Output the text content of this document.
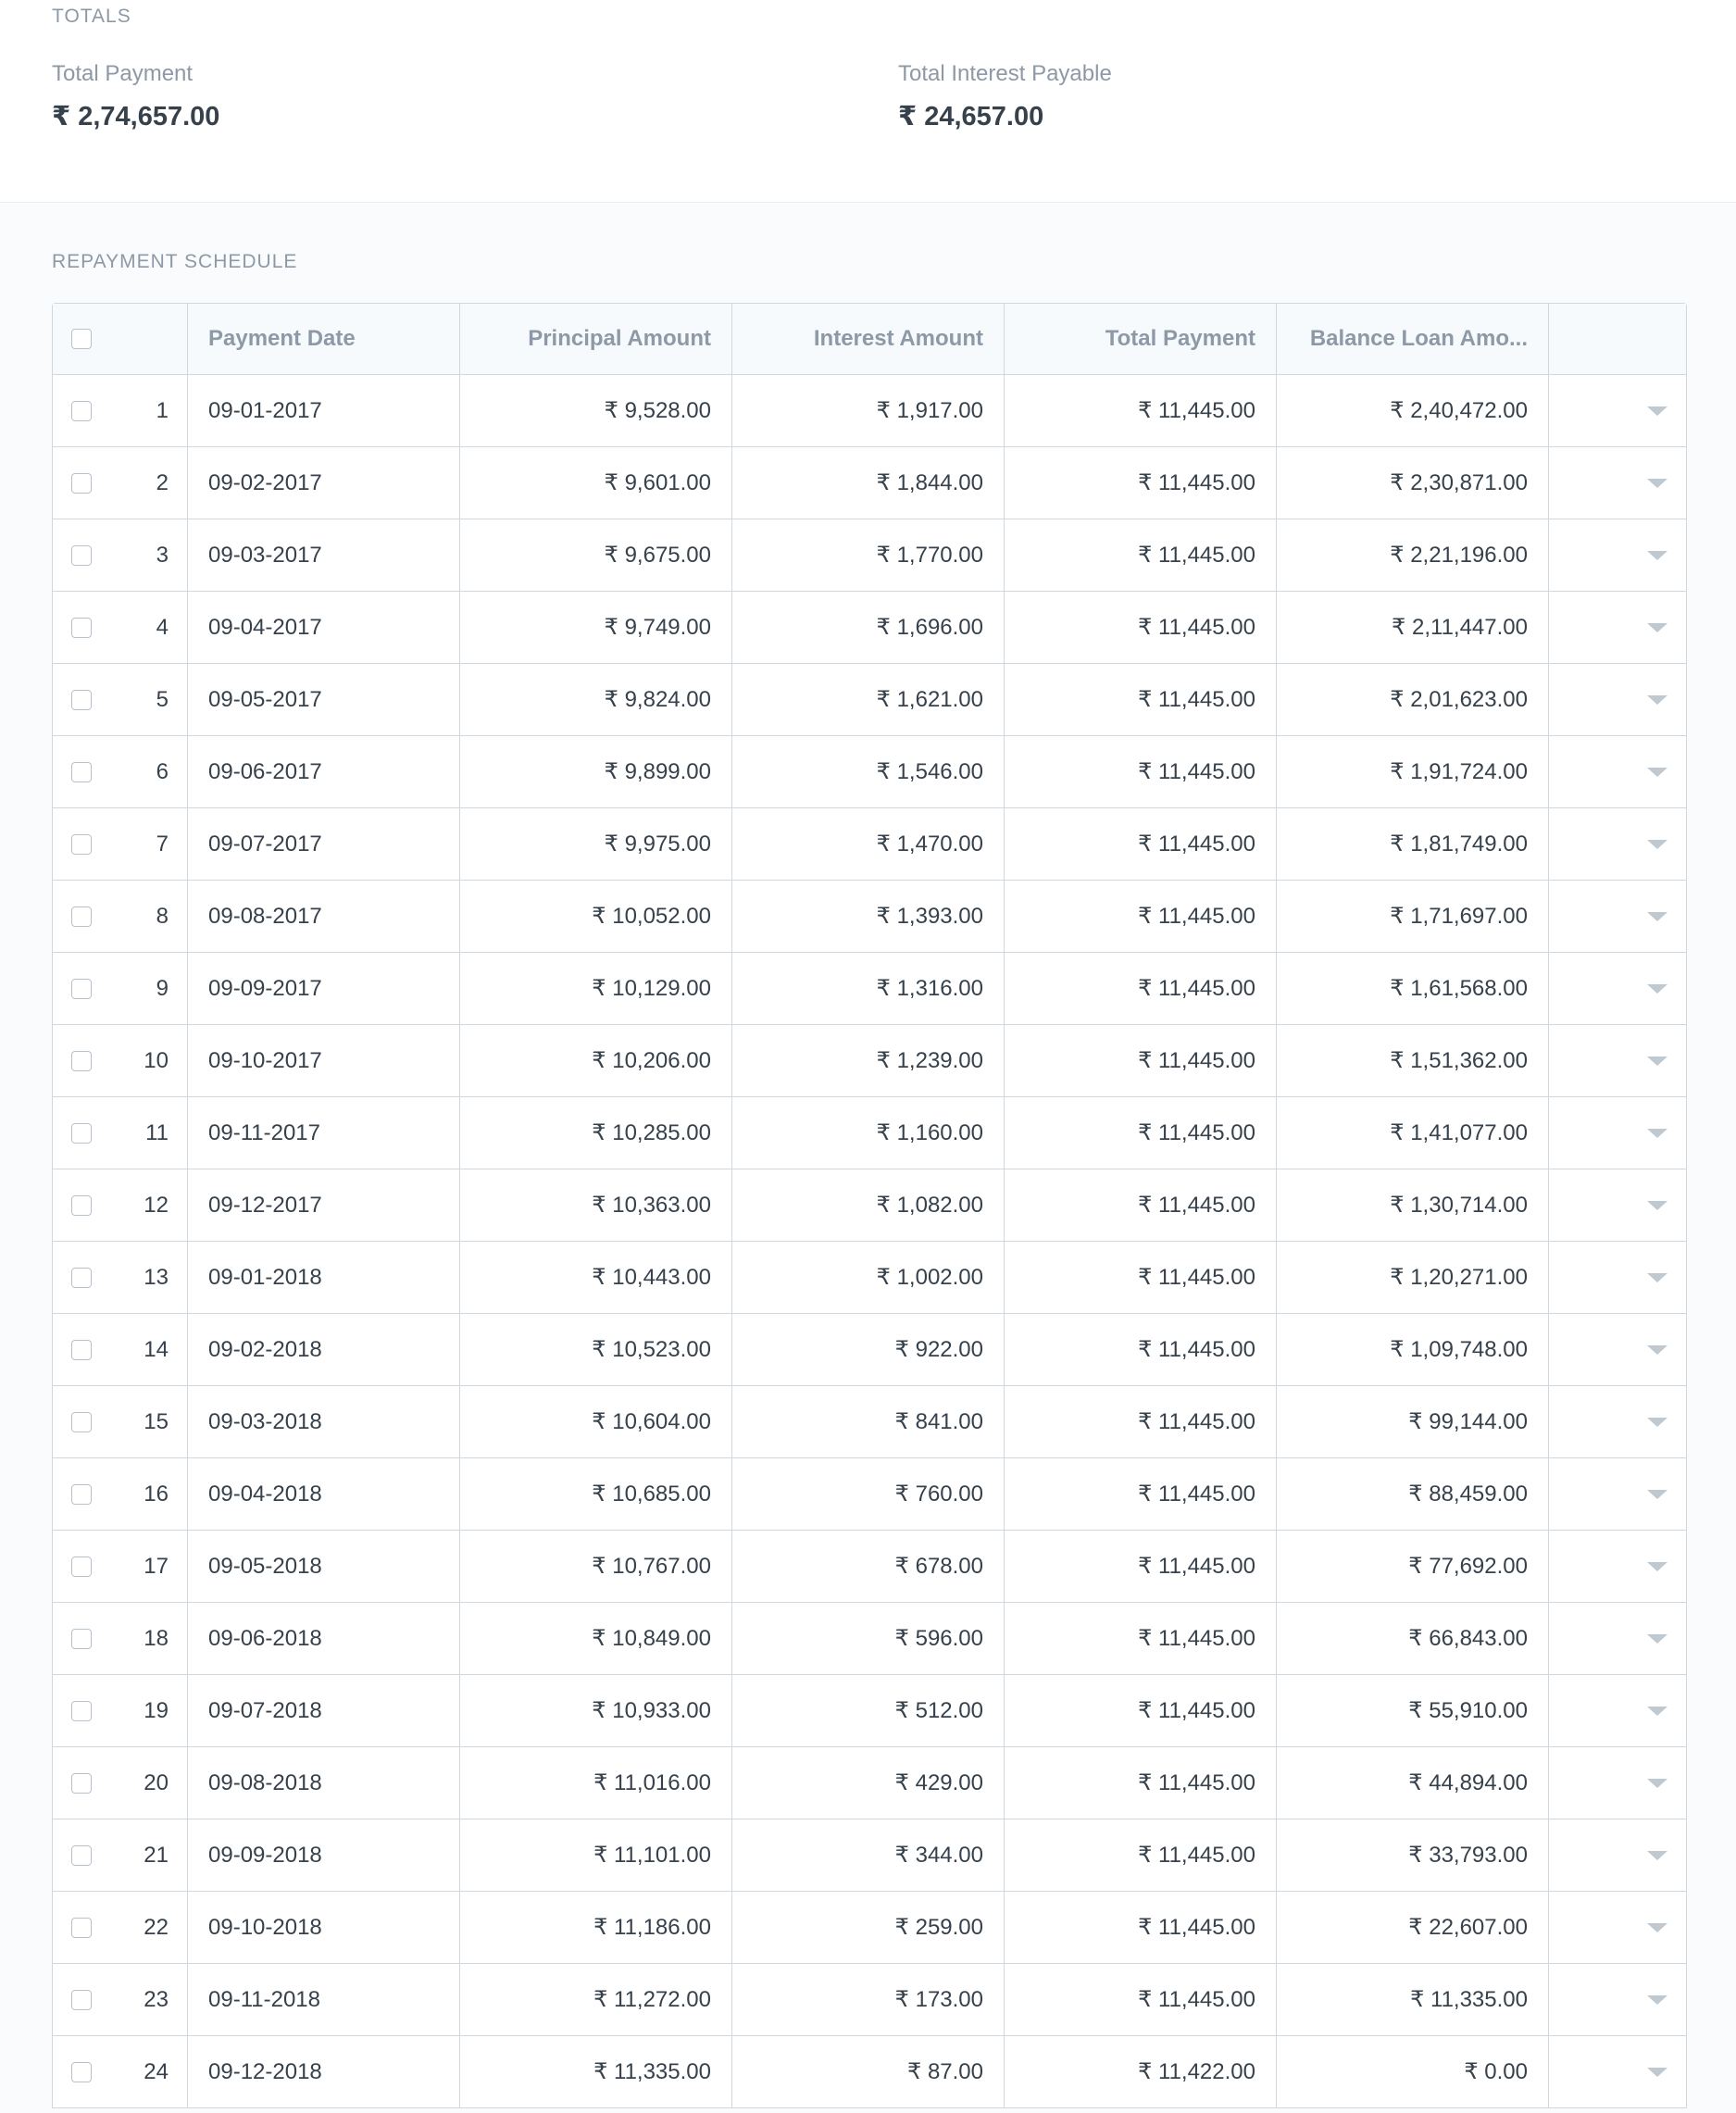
TOTALS
Total Payment
₹ 2,74,657.00
Total Interest Payable
₹ 24,657.00
REPAYMENT SCHEDULE
Payment Date	Principal Amount	Interest Amount	Total Payment	Balance Loan Amo...
1	09-01-2017	₹ 9,528.00	₹ 1,917.00	₹ 11,445.00	₹ 2,40,472.00
2	09-02-2017	₹ 9,601.00	₹ 1,844.00	₹ 11,445.00	₹ 2,30,871.00
3	09-03-2017	₹ 9,675.00	₹ 1,770.00	₹ 11,445.00	₹ 2,21,196.00
4	09-04-2017	₹ 9,749.00	₹ 1,696.00	₹ 11,445.00	₹ 2,11,447.00
5	09-05-2017	₹ 9,824.00	₹ 1,621.00	₹ 11,445.00	₹ 2,01,623.00
6	09-06-2017	₹ 9,899.00	₹ 1,546.00	₹ 11,445.00	₹ 1,91,724.00
7	09-07-2017	₹ 9,975.00	₹ 1,470.00	₹ 11,445.00	₹ 1,81,749.00
8	09-08-2017	₹ 10,052.00	₹ 1,393.00	₹ 11,445.00	₹ 1,71,697.00
9	09-09-2017	₹ 10,129.00	₹ 1,316.00	₹ 11,445.00	₹ 1,61,568.00
10	09-10-2017	₹ 10,206.00	₹ 1,239.00	₹ 11,445.00	₹ 1,51,362.00
11	09-11-2017	₹ 10,285.00	₹ 1,160.00	₹ 11,445.00	₹ 1,41,077.00
12	09-12-2017	₹ 10,363.00	₹ 1,082.00	₹ 11,445.00	₹ 1,30,714.00
13	09-01-2018	₹ 10,443.00	₹ 1,002.00	₹ 11,445.00	₹ 1,20,271.00
14	09-02-2018	₹ 10,523.00	₹ 922.00	₹ 11,445.00	₹ 1,09,748.00
15	09-03-2018	₹ 10,604.00	₹ 841.00	₹ 11,445.00	₹ 99,144.00
16	09-04-2018	₹ 10,685.00	₹ 760.00	₹ 11,445.00	₹ 88,459.00
17	09-05-2018	₹ 10,767.00	₹ 678.00	₹ 11,445.00	₹ 77,692.00
18	09-06-2018	₹ 10,849.00	₹ 596.00	₹ 11,445.00	₹ 66,843.00
19	09-07-2018	₹ 10,933.00	₹ 512.00	₹ 11,445.00	₹ 55,910.00
20	09-08-2018	₹ 11,016.00	₹ 429.00	₹ 11,445.00	₹ 44,894.00
21	09-09-2018	₹ 11,101.00	₹ 344.00	₹ 11,445.00	₹ 33,793.00
22	09-10-2018	₹ 11,186.00	₹ 259.00	₹ 11,445.00	₹ 22,607.00
23	09-11-2018	₹ 11,272.00	₹ 173.00	₹ 11,445.00	₹ 11,335.00
24	09-12-2018	₹ 11,335.00	₹ 87.00	₹ 11,422.00	₹ 0.00
